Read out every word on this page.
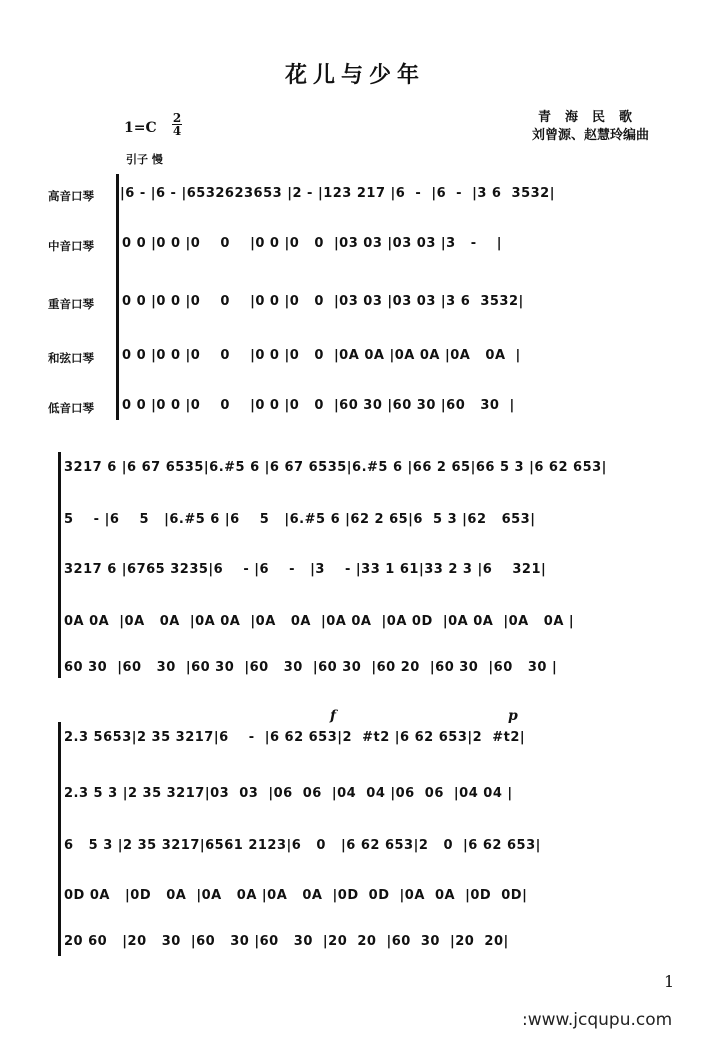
花儿与少年
青海民歌
刘曾源、赵慧玲编曲
1=C
2
4
引子 慢
高音口琴
中音口琴
重音口琴
和弦口琴
低音口琴
|6 - |6 - |6532623653 |2 - |123 217 |6  -  |6  -  |3 6  3532|
0 0 |0 0 |0    0    |0 0 |0   0  |03 03 |03 03 |3   -    |
0 0 |0 0 |0    0    |0 0 |0   0  |03 03 |03 03 |3 6  3532|
0 0 |0 0 |0    0    |0 0 |0   0  |0A 0A |0A 0A |0A   0A  |
0 0 |0 0 |0    0    |0 0 |0   0  |60 30 |60 30 |60   30  |
3217 6 |6 67 6535|6.#5 6 |6 67 6535|6.#5 6 |66 2 65|66 5 3 |6 62 653|
5    - |6    5   |6.#5 6 |6    5   |6.#5 6 |62 2 65|6  5 3 |62   653|
3217 6 |6765 3235|6    - |6    -   |3    - |33 1 61|33 2 3 |6    321|
0A 0A  |0A   0A  |0A 0A  |0A   0A  |0A 0A  |0A 0D  |0A 0A  |0A   0A |
60 30  |60   30  |60 30  |60   30  |60 30  |60 20  |60 30  |60   30 |
f	p
2.3 5653|2 35 3217|6    -  |6 62 653|2  #t2 |6 62 653|2  #t2|
2.3 5 3 |2 35 3217|03  03  |06  06  |04  04 |06  06  |04 04 |
6   5 3 |2 35 3217|6561 2123|6   0   |6 62 653|2   0  |6 62 653|
0D 0A   |0D   0A  |0A   0A |0A   0A  |0D  0D  |0A  0A  |0D  0D|
20 60   |20   30  |60   30 |60   30  |20  20  |60  30  |20  20|
1
:www.jcqupu.com
